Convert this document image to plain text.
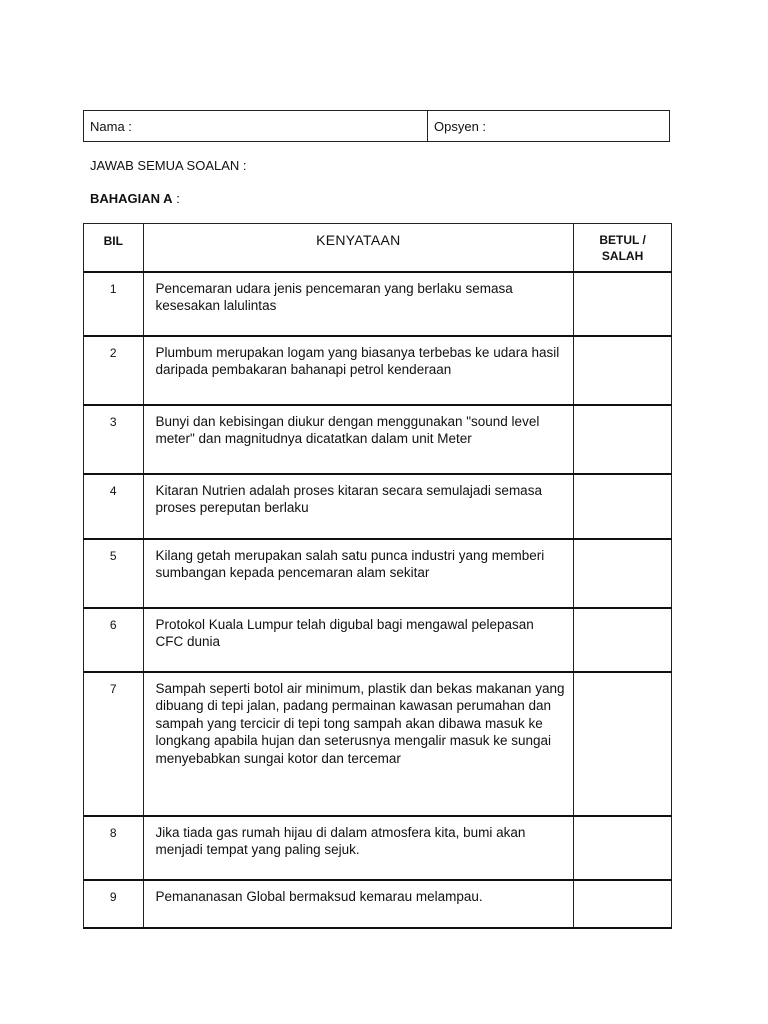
Nama :	Opsyen :
JAWAB SEMUA SOALAN :
BAHAGIAN A :
BIL	KENYATAAN	BETUL /
SALAH
1	Pencemaran udara jenis pencemaran yang berlaku semasa kesesakan lalulintas	
2	Plumbum merupakan logam yang biasanya terbebas ke udara hasil daripada pembakaran bahanapi petrol kenderaan	
3	Bunyi dan kebisingan diukur dengan menggunakan "sound level meter" dan magnitudnya dicatatkan dalam unit Meter	
4	Kitaran Nutrien adalah proses kitaran secara semulajadi semasa proses pereputan berlaku	
5	Kilang getah merupakan salah satu punca industri yang memberi sumbangan kepada pencemaran alam sekitar	
6	Protokol Kuala Lumpur telah digubal bagi mengawal pelepasan CFC dunia	
7	Sampah seperti botol air minimum, plastik dan bekas makanan yang dibuang di tepi jalan, padang permainan kawasan perumahan dan sampah yang tercicir di tepi tong sampah akan dibawa masuk ke longkang apabila hujan dan seterusnya mengalir masuk ke sungai menyebabkan sungai kotor dan tercemar	
8	Jika tiada gas rumah hijau di dalam atmosfera kita, bumi akan menjadi tempat yang paling sejuk.	
9	Pemananasan Global bermaksud kemarau melampau.	
